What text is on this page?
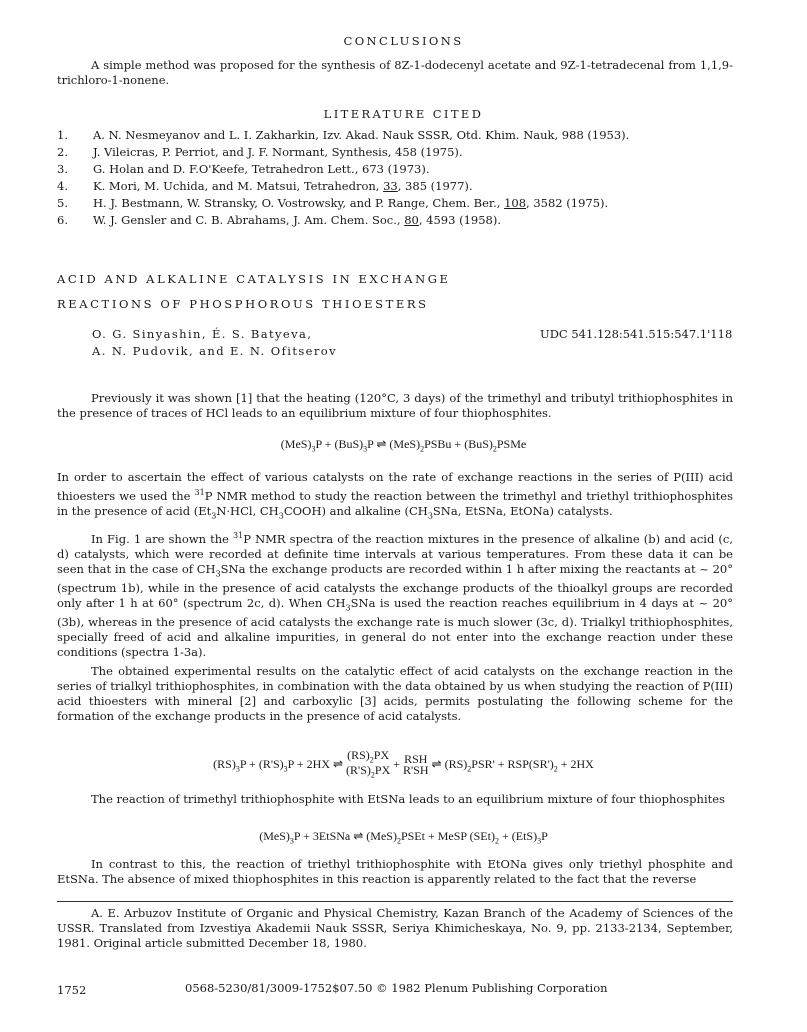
CONCLUSIONS

A simple method was proposed for the synthesis of 8Z-1-dodecenyl acetate and 9Z-1-tetradecenal from 1,1,9-trichloro-1-nonene.

LITERATURE CITED
1. A. N. Nesmeyanov and L. I. Zakharkin, Izv. Akad. Nauk SSSR, Otd. Khim. Nauk, 988 (1953).
2. J. Vileicras, P. Perriot, and J. F. Normant, Synthesis, 458 (1975).
3. G. Holan and D. F.O'Keefe, Tetrahedron Lett., 673 (1973).
4. K. Mori, M. Uchida, and M. Matsui, Tetrahedron, 33, 385 (1977).
5. H. J. Bestmann, W. Stransky, O. Vostrowsky, and P. Range, Chem. Ber., 108, 3582 (1975).
6. W. J. Gensler and C. B. Abrahams, J. Am. Chem. Soc., 80, 4593 (1958).
ACID AND ALKALINE CATALYSIS IN EXCHANGE
REACTIONS OF PHOSPHOROUS THIOESTERS
O. G. Sinyashin, É. S. Batyeva,
A. N. Pudovik, and E. N. Ofitserov
UDC 541.128:541.515:547.1'118

Previously it was shown [1] that the heating (120°C, 3 days) of the trimethyl and tributyl trithiophosphites in the presence of traces of HCl leads to an equilibrium mixture of four thiophosphites.

$(MeS)_3P + (BuS)_3P$ ⇌ $(MeS)_2PSBu$ + $(BuS)_2PSMe$

In order to ascertain the effect of various catalysts on the rate of exchange reactions in the series of P(III) acid thioesters we used the $^{31}$P NMR method to study the reaction between the trimethyl and triethyl trithiophosphites in the presence of acid ($Et_3N\cdot HCl$, $CH_3COOH$) and alkaline ($CH_3SNa$, EtSNa, EtONa) catalysts.

In Fig. 1 are shown the $^{31}$P NMR spectra of the reaction mixtures in the presence of alkaline (b) and acid (c, d) catalysts, which were recorded at definite time intervals at various temperatures. From these data it can be seen that in the case of $CH_3SNa$ the exchange products are recorded within 1 h after mixing the reactants at ~ 20° (spectrum 1b), while in the presence of acid catalysts the exchange products of the thioalkyl groups are recorded only after 1 h at 60° (spectrum 2c, d). When $CH_3SNa$ is used the reaction reaches equilibrium in 4 days at ~ 20° (3b), whereas in the presence of acid catalysts the exchange rate is much slower (3c, d). Trialkyl trithiophosphites, specially freed of acid and alkaline impurities, in general do not enter into the exchange reaction under these conditions (spectra 1-3a).

The obtained experimental results on the catalytic effect of acid catalysts on the exchange reaction in the series of trialkyl trithiophosphites, in combination with the data obtained by us when studying the reaction of P(III) acid thioesters with mineral [2] and carboxylic [3] acids, permits postulating the following scheme for the formation of the exchange products in the presence of acid catalysts.

$(RS)_3P + (R'S)_3P + 2HX$ ⇌ $(RS)_2PX$
$(R'S)_2PX$ + RSH
R'SH ⇌ $(RS)_2PSR' + RSP(SR')_2 + 2HX$

The reaction of trimethyl trithiophosphite with EtSNa leads to an equilibrium mixture of four thiophosphites

$(MeS)_3P$ + 3EtSNa ⇌ $(MeS)_2PSEt$ + MeSP $(SEt)_2 + (EtS)_3P$

In contrast to this, the reaction of triethyl trithiophosphite with EtONa gives only triethyl phosphite and EtSNa. The absence of mixed thiophosphites in this reaction is apparently related to the fact that the reverse

A. E. Arbuzov Institute of Organic and Physical Chemistry, Kazan Branch of the Academy of Sciences of the USSR. Translated from Izvestiya Akademii Nauk SSSR, Seriya Khimicheskaya, No. 9, pp. 2133-2134, September, 1981. Original article submitted December 18, 1980.

1752	0568-5230/81/3009-1752$07.50 © 1982 Plenum Publishing Corporation
